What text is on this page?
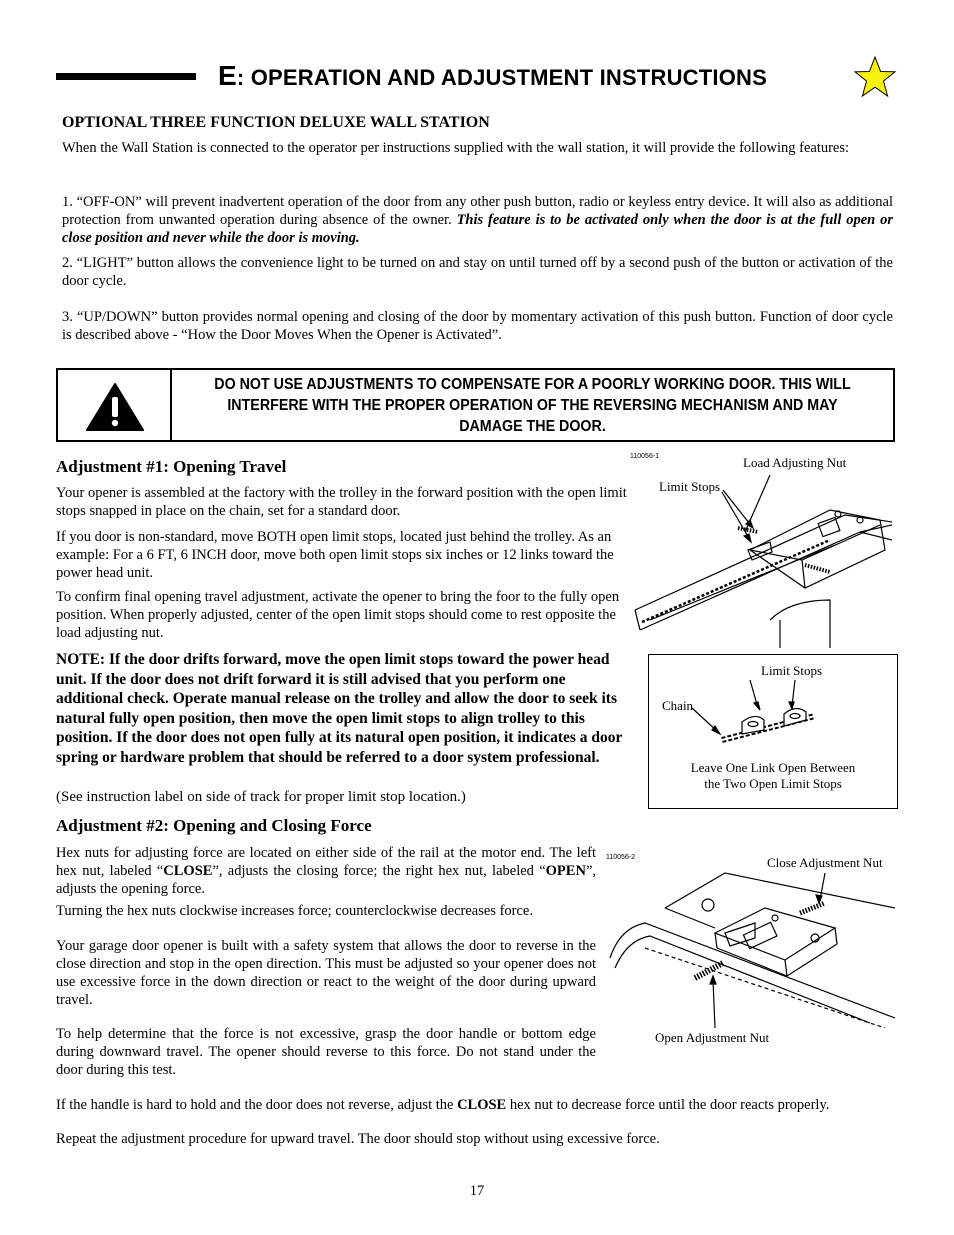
E: OPERATION AND ADJUSTMENT INSTRUCTIONS
OPTIONAL THREE FUNCTION DELUXE WALL STATION
When the Wall Station is connected to the operator per instructions supplied with the wall station, it will provide the following features:
1. “OFF-ON” will prevent inadvertent operation of the door from any other push button, radio or keyless entry device. It will also as additional protection from unwanted operation during absence of the owner. This feature is to be activated only when the door is at the full open or close position and never while the door is moving.
2. “LIGHT” button allows the convenience light to be turned on and stay on until turned off by a second push of the button or activation of the door cycle.
3. “UP/DOWN” button provides normal opening and closing of the door by momentary activation of this push button. Function of door cycle is described above - “How the Door Moves When the Opener is Activated”.
DO NOT USE ADJUSTMENTS TO COMPENSATE FOR A POORLY WORKING DOOR. THIS WILL
INTERFERE WITH THE PROPER OPERATION OF THE REVERSING MECHANISM AND MAY
DAMAGE THE DOOR.
Adjustment #1: Opening Travel
Your opener is assembled at the factory with the trolley in the forward position with the open limit stops snapped in place on the chain, set for a standard door.
If you door is non-standard, move BOTH open limit stops, located just behind the trolley. As an example: For a 6 FT, 6 INCH door, move both open limit stops six inches or 12 links toward the power head unit.
To confirm final opening travel adjustment, activate the opener to bring the foor to the fully open position. When properly adjusted, center of the open limit stops should come to rest opposite the load adjusting nut.
NOTE: If the door drifts forward, move the open limit stops toward the power head unit. If the door does not drift forward it is still advised that you perform one additional check. Operate manual release on the trolley and allow the door to seek its natural fully open position, then move the open limit stops to align trolley to this position. If the door does not open fully at its natural open position, it indicates a door spring or hardware problem that should be referred to a door system professional.
(See instruction label on side of track for proper limit stop location.)
110056-1	Load Adjusting Nut
Limit Stops
Limit Stops
Chain
Leave One Link Open Between
the Two Open Limit Stops
Adjustment #2: Opening and Closing Force
Hex nuts for adjusting force are located on either side of the rail at the motor end. The left hex nut, labeled “CLOSE”, adjusts the closing force; the right hex nut, labeled “OPEN”, adjusts the opening force.
Turning the hex nuts clockwise increases force; counterclockwise decreases force.
Your garage door opener is built with a safety system that allows the door to reverse in the close direction and stop in the open direction. This must be adjusted so your opener does not use excessive force in the down direction or react to the weight of the door during upward travel.
To help determine that the force is not excessive, grasp the door handle or bottom edge during downward travel. The opener should reverse to this force. Do not stand under the door during this test.
If the handle is hard to hold and the door does not reverse, adjust the CLOSE hex nut to decrease force until the door reacts properly.
Repeat the adjustment procedure for upward travel. The door should stop without using excessive force.
110056-2	Close Adjustment Nut
Open Adjustment Nut
17
